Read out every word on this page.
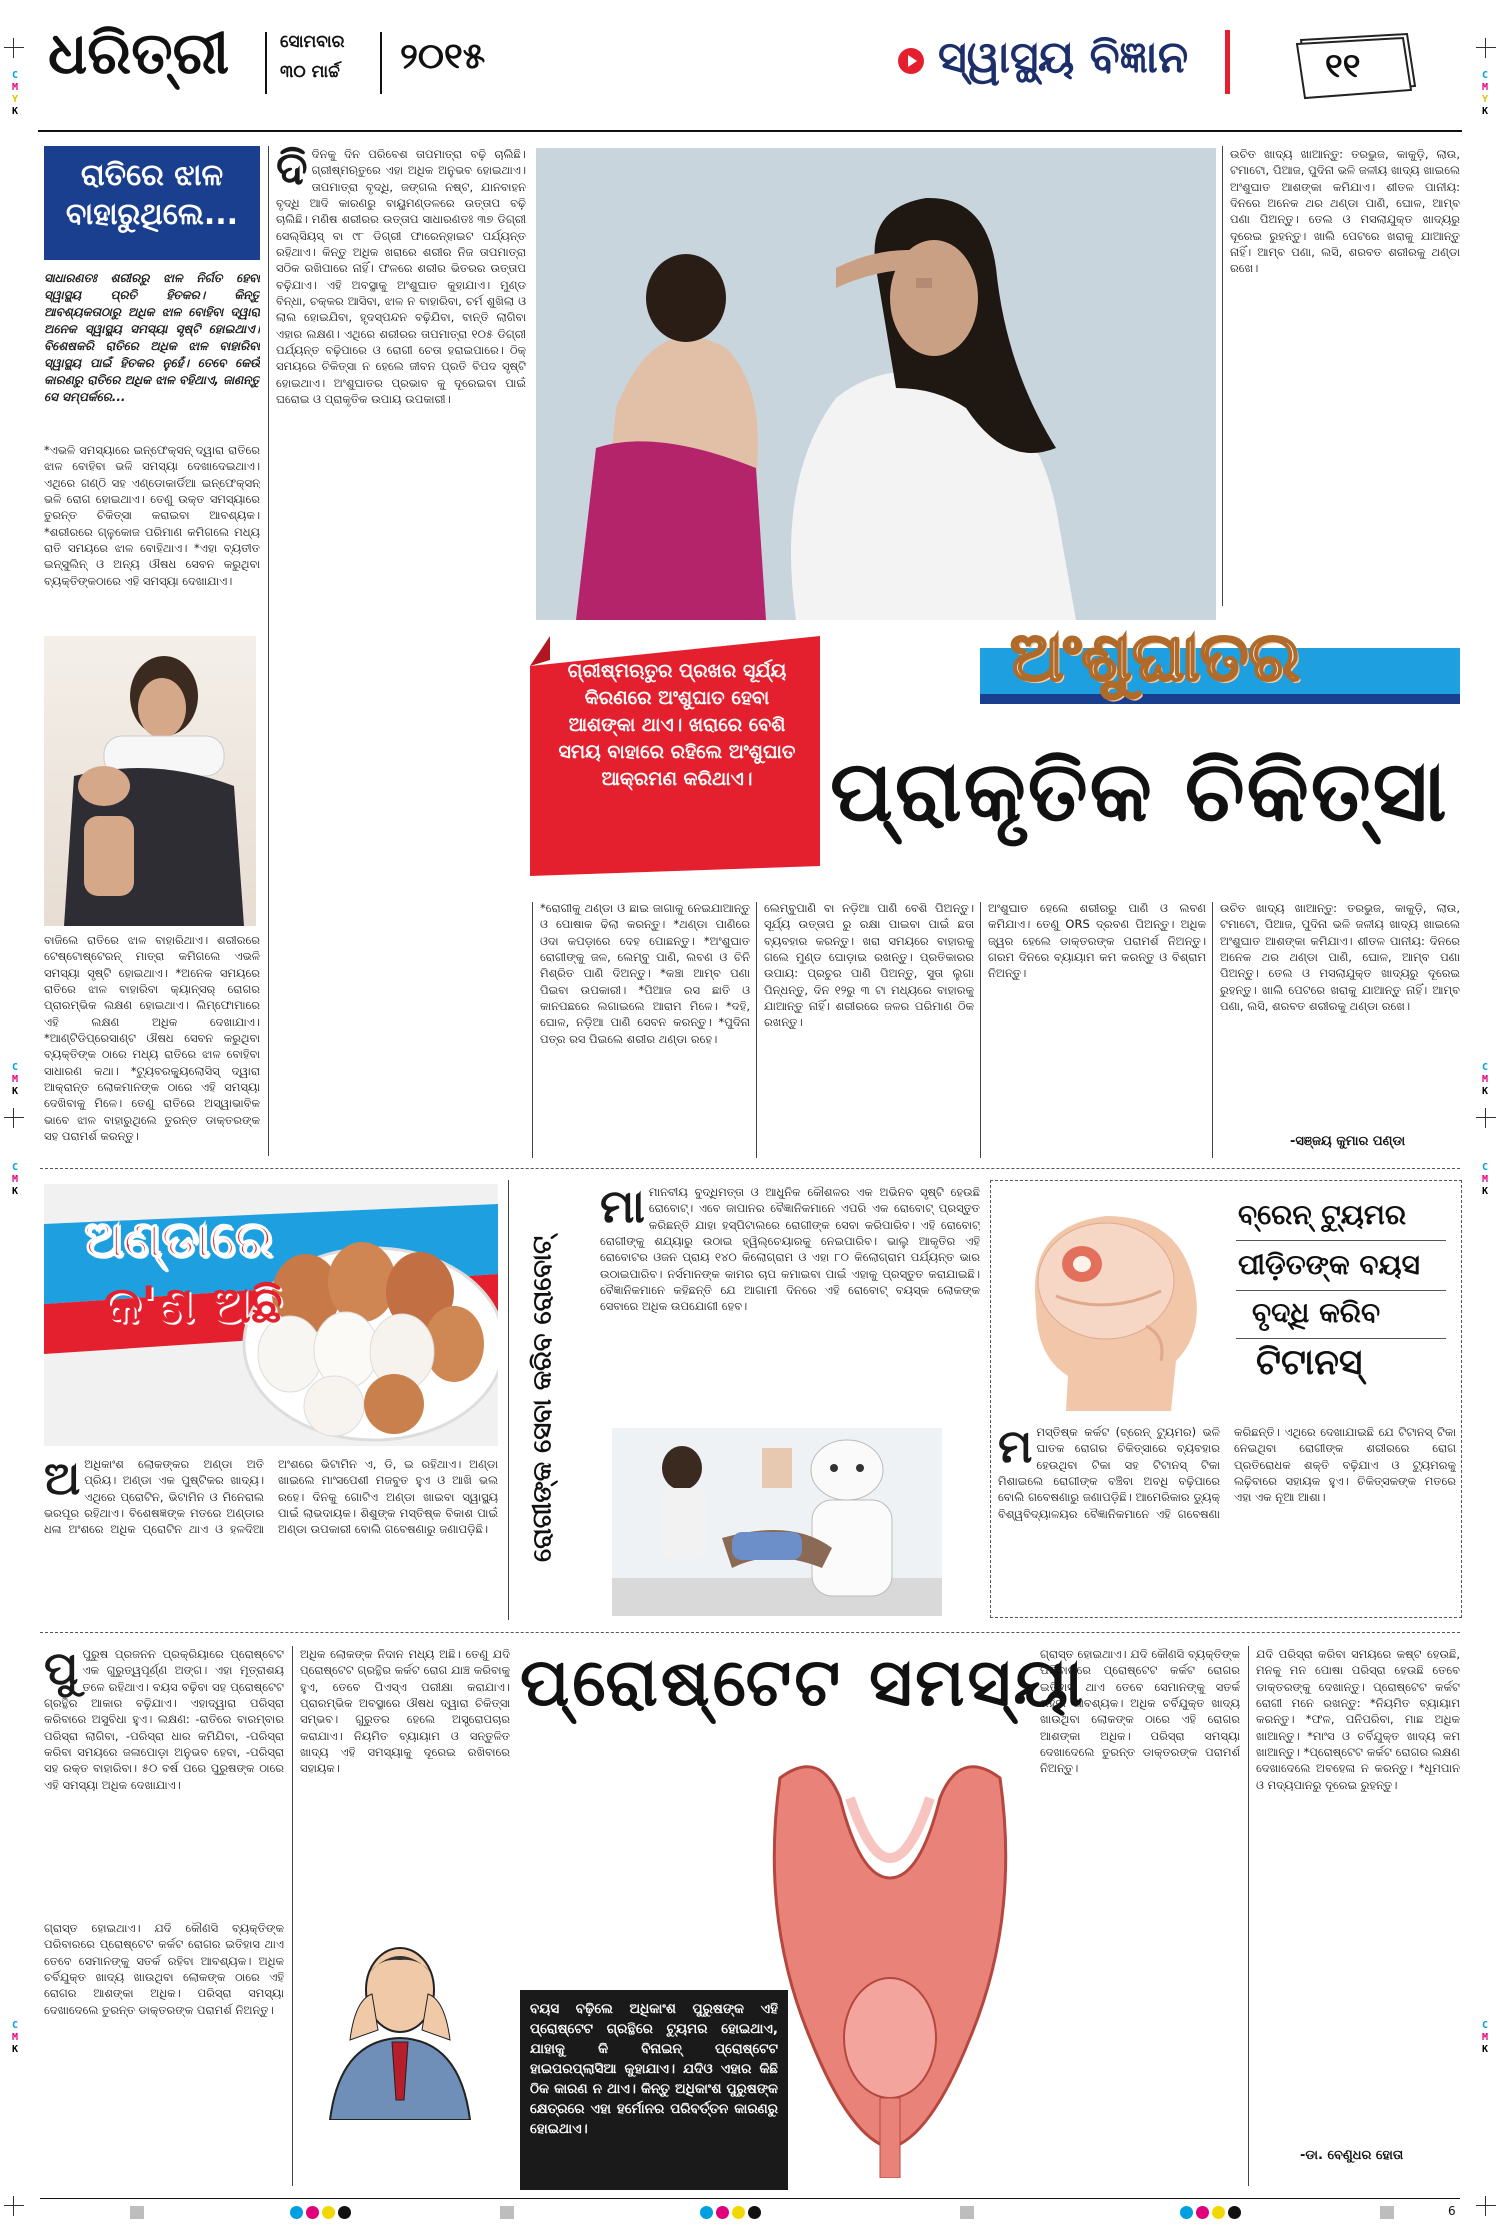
C
M
Y
K
C
M
Y
K
C
M
K
C
M
K
C
M
K
C
M
K
C
M
K
C
M
K
ଧରିତ୍ରୀ	ସୋମବାର
୩୦ ମାର୍ଚ୍ଚ ୨୦୧୫	ସ୍ୱାସ୍ଥ୍ୟ ବିଜ୍ଞାନ	୧୧
ରାତିରେ ଝାଳ
ବାହାରୁଥିଲେ...
ସାଧାରଣତଃ ଶରୀରରୁ ଝାଳ ନିର୍ଗତ ହେବା ସ୍ୱାସ୍ଥ୍ୟ ପ୍ରତି ହିତକର। କିନ୍ତୁ ଆବଶ୍ୟକତାଠାରୁ ଅଧିକ ଝାଳ ବୋହିବା ଦ୍ୱାରା ଅନେକ ସ୍ୱାସ୍ଥ୍ୟ ସମସ୍ୟା ସୃଷ୍ଟି ହୋଇଥାଏ। ବିଶେଷକରି ରାତିରେ ଅଧିକ ଝାଳ ବାହାରିବା ସ୍ୱାସ୍ଥ୍ୟ ପାଇଁ ହିତକର ନୁହେଁ। ତେବେ କେଉଁ କାରଣରୁ ରାତିରେ ଅଧିକ ଝାଳ ବହିଥାଏ, ଜାଣନ୍ତୁ ସେ ସମ୍ପର୍କରେ...
*ଏଭଳି ସମସ୍ୟାରେ ଇନ୍‌ଫେକ୍ସନ୍ ଦ୍ୱାରା ରାତିରେ ଝାଳ ବୋହିବା ଭଳି ସମସ୍ୟା ଦେଖାଦେଇଥାଏ। ଏଥିରେ ଗଣ୍ଠି ସହ ଏଣ୍ଡୋକାର୍ଡିଆ ଇନ୍‌ଫେକ୍ସନ୍ ଭଳି ରୋଗ ହୋଇଥାଏ। ତେଣୁ ଉକ୍ତ ସମସ୍ୟାରେ ତୁରନ୍ତ ଚିକିତ୍ସା କରାଇବା ଆବଶ୍ୟକ। *ଶରୀରରେ ଗ୍ଳୁକୋଜ ପରିମାଣ କମିଗଲେ ମଧ୍ୟ ରାତି ସମୟରେ ଝାଳ ବୋହିଥାଏ। *ଏହା ବ୍ୟତୀତ ଇନ୍‌ସୁଲିନ୍ ଓ ଅନ୍ୟ ଔଷଧ ସେବନ କରୁଥିବା ବ୍ୟକ୍ତିଙ୍କଠାରେ ଏହି ସମସ୍ୟା ଦେଖାଯାଏ।
ବାଜିଲେ ରାତିରେ ଝାଳ ବାହାରିଥାଏ। ଶରୀରରେ ଟେଷ୍ଟୋଷ୍ଟେରନ୍ ମାତ୍ରା କମିଗଲେ ଏଭଳି ସମସ୍ୟା ସୃଷ୍ଟି ହୋଇଥାଏ। *ଅନେକ ସମୟରେ ରାତିରେ ଝାଳ ବାହାରିବା କ୍ୟାନ୍‌ସର୍ ରୋଗର ପ୍ରାରମ୍ଭିକ ଲକ୍ଷଣ ହୋଇଥାଏ। ଲିମ୍ଫୋମାରେ ଏହି ଲକ୍ଷଣ ଅଧିକ ଦେଖାଯାଏ। *ଆଣ୍ଟିଡିପ୍ରେସାଣ୍ଟ ଔଷଧ ସେବନ କରୁଥିବା ବ୍ୟକ୍ତିଙ୍କ ଠାରେ ମଧ୍ୟ ରାତିରେ ଝାଳ ବୋହିବା ସାଧାରଣ କଥା। *ଟ୍ୟୁବରକ୍ୟୁଲୋସିସ୍ ଦ୍ୱାରା ଆକ୍ରାନ୍ତ ଲୋକମାନଙ୍କ ଠାରେ ଏହି ସମସ୍ୟା ଦେଖିବାକୁ ମିଳେ। ତେଣୁ ରାତିରେ ଅସ୍ୱାଭାବିକ ଭାବେ ଝାଳ ବାହାରୁଥିଲେ ତୁରନ୍ତ ଡାକ୍ତରଙ୍କ ସହ ପରାମର୍ଶ କରନ୍ତୁ।
ଦି ଦିନକୁ ଦିନ ପରିବେଶ ତାପମାତ୍ରା ବଢ଼ି ଚାଲିଛି। ଗ୍ରୀଷ୍ମଋତୁରେ ଏହା ଅଧିକ ଅନୁଭବ ହୋଇଥାଏ। ତାପମାତ୍ରା ବୃଦ୍ଧି, ଜଙ୍ଗଲ ନଷ୍ଟ, ଯାନବାହନ ବୃଦ୍ଧି ଆଦି କାରଣରୁ ବାୟୁମଣ୍ଡଳରେ ଉତ୍ତାପ ବଢ଼ି ଚାଲିଛି। ମଣିଷ ଶରୀରର ଉତ୍ତାପ ସାଧାରଣତଃ ୩୭ ଡିଗ୍ରୀ ସେଲ୍‌ସିୟସ୍ ବା ୯୮ ଡିଗ୍ରୀ ଫାରେନ୍‌ହାଇଟ ପର୍ଯ୍ୟନ୍ତ ରହିଥାଏ। କିନ୍ତୁ ଅଧିକ ଖରାରେ ଶରୀର ନିଜ ତାପମାତ୍ରା ସଠିକ ରଖିପାରେ ନାହିଁ। ଫଳରେ ଶରୀର ଭିତରର ଉତ୍ତାପ ବଢ଼ିଯାଏ। ଏହି ଅବସ୍ଥାକୁ ଅଂଶୁଘାତ କୁହାଯାଏ। ମୁଣ୍ଡ ବିନ୍ଧା, ଚକ୍କର ଆସିବା, ଝାଳ ନ ବାହାରିବା, ଚର୍ମ ଶୁଖିଲା ଓ ଲାଲ ହୋଇଯିବା, ହୃଦସ୍ପନ୍ଦନ ବଢ଼ିଯିବା, ବାନ୍ତି ଲାଗିବା ଏହାର ଲକ୍ଷଣ। ଏଥିରେ ଶରୀରର ତାପମାତ୍ରା ୧୦୫ ଡିଗ୍ରୀ ପର୍ଯ୍ୟନ୍ତ ବଢ଼ିପାରେ ଓ ରୋଗୀ ଚେତା ହରାଇପାରେ। ଠିକ୍ ସମୟରେ ଚିକିତ୍ସା ନ ହେଲେ ଜୀବନ ପ୍ରତି ବିପଦ ସୃଷ୍ଟି ହୋଇଥାଏ। ଅଂଶୁଘାତର ପ୍ରଭାବ କୁ ଦୂରେଇବା ପାଇଁ ଘରୋଇ ଓ ପ୍ରାକୃତିକ ଉପାୟ ଉପକାରୀ।
ଉଚିତ ଖାଦ୍ୟ ଖାଆନ୍ତୁ: ତରଭୁଜ, କାକୁଡ଼ି, ଲାଉ, ଟମାଟୋ, ପିଆଜ, ପୁଦିନା ଭଳି ଜଳୀୟ ଖାଦ୍ୟ ଖାଇଲେ ଅଂଶୁଘାତ ଆଶଙ୍କା କମିଯାଏ। ଶୀତଳ ପାନୀୟ: ଦିନରେ ଅନେକ ଥର ଥଣ୍ଡା ପାଣି, ଘୋଳ, ଆମ୍ବ ପଣା ପିଅନ୍ତୁ। ତେଲ ଓ ମସଲାଯୁକ୍ତ ଖାଦ୍ୟରୁ ଦୂରେଇ ରୁହନ୍ତୁ। ଖାଲି ପେଟରେ ଖରାକୁ ଯାଆନ୍ତୁ ନାହିଁ। ଆମ୍ବ ପଣା, ଲସି, ଶରବତ ଶରୀରକୁ ଥଣ୍ଡା ରଖେ।
ଅଂଶୁଘାତର
ପ୍ରାକୃତିକ ଚିକିତ୍ସା
ଗ୍ରୀଷ୍ମଋତୁର ପ୍ରଖର ସୂର୍ଯ୍ୟ କିରଣରେ ଅଂଶୁଘାତ ହେବା ଆଶଙ୍କା ଥାଏ। ଖରାରେ ବେଶି ସମୟ ବାହାରେ ରହିଲେ ଅଂଶୁଘାତ ଆକ୍ରମଣ କରିଥାଏ।
*ରୋଗୀକୁ ଥଣ୍ଡା ଓ ଛାଇ ଜାଗାକୁ ନେଇଯାଆନ୍ତୁ ଓ ପୋଷାକ ଢିଲା କରନ୍ତୁ। *ଥଣ୍ଡା ପାଣିରେ ଓଦା କପଡ଼ାରେ ଦେହ ପୋଛନ୍ତୁ। *ଅଂଶୁଘାତ ରୋଗୀଙ୍କୁ ଜଳ, ଲେମ୍ବୁ ପାଣି, ଲବଣ ଓ ଚିନି ମିଶ୍ରିତ ପାଣି ଦିଅନ୍ତୁ। *କଞ୍ଚା ଆମ୍ବ ପଣା ପିଇବା ଉପକାରୀ। *ପିଆଜ ରସ ଛାତି ଓ କାନପଛରେ ଲଗାଇଲେ ଆରାମ ମିଳେ। *ଦହି, ଘୋଳ, ନଡ଼ିଆ ପାଣି ସେବନ କରନ୍ତୁ। *ପୁଦିନା ପତ୍ର ରସ ପିଇଲେ ଶରୀର ଥଣ୍ଡା ରହେ।
ଲେମ୍ବୁପାଣି ବା ନଡ଼ିଆ ପାଣି ବେଶି ପିଅନ୍ତୁ। ସୂର୍ଯ୍ୟ ଉତ୍ତାପ ରୁ ରକ୍ଷା ପାଇବା ପାଇଁ ଛତା ବ୍ୟବହାର କରନ୍ତୁ। ଖରା ସମୟରେ ବାହାରକୁ ଗଲେ ମୁଣ୍ଡ ଘୋଡ଼ାଇ ରଖନ୍ତୁ। ପ୍ରତିକାରର ଉପାୟ: ପ୍ରଚୁର ପାଣି ପିଅନ୍ତୁ, ସୁତା ଲୁଗା ପିନ୍ଧନ୍ତୁ, ଦିନ ୧୨ରୁ ୩ ଟା ମଧ୍ୟରେ ବାହାରକୁ ଯାଆନ୍ତୁ ନାହିଁ। ଶରୀରରେ ଜଳର ପରିମାଣ ଠିକ ରଖନ୍ତୁ।
ଅଂଶୁଘାତ ହେଲେ ଶରୀରରୁ ପାଣି ଓ ଲବଣ କମିଯାଏ। ତେଣୁ ORS ଦ୍ରବଣ ପିଅନ୍ତୁ। ଅଧିକ ଜ୍ୱର ହେଲେ ଡାକ୍ତରଙ୍କ ପରାମର୍ଶ ନିଅନ୍ତୁ। ଗରମ ଦିନରେ ବ୍ୟାୟାମ କମ କରନ୍ତୁ ଓ ବିଶ୍ରାମ ନିଅନ୍ତୁ।
ଉଚିତ ଖାଦ୍ୟ ଖାଆନ୍ତୁ: ତରଭୁଜ, କାକୁଡ଼ି, ଲାଉ, ଟମାଟୋ, ପିଆଜ, ପୁଦିନା ଭଳି ଜଳୀୟ ଖାଦ୍ୟ ଖାଇଲେ ଅଂଶୁଘାତ ଆଶଙ୍କା କମିଯାଏ। ଶୀତଳ ପାନୀୟ: ଦିନରେ ଅନେକ ଥର ଥଣ୍ଡା ପାଣି, ଘୋଳ, ଆମ୍ବ ପଣା ପିଅନ୍ତୁ। ତେଲ ଓ ମସଲାଯୁକ୍ତ ଖାଦ୍ୟରୁ ଦୂରେଇ ରୁହନ୍ତୁ। ଖାଲି ପେଟରେ ଖରାକୁ ଯାଆନ୍ତୁ ନାହିଁ। ଆମ୍ବ ପଣା, ଲସି, ଶରବତ ଶରୀରକୁ ଥଣ୍ଡା ରଖେ।
-ସଞ୍ଜୟ କୁମାର ପଣ୍ଡା
ଅଣ୍ଡାରେ
କ'ଣ ଅଛି
ଅ ଅଧିକାଂଶ ଲୋକଙ୍କର ଅଣ୍ଡା ଅତି ପ୍ରିୟ। ଅଣ୍ଡା ଏକ ପୁଷ୍ଟିକର ଖାଦ୍ୟ। ଏଥିରେ ପ୍ରୋଟିନ, ଭିଟାମିନ ଓ ମିନେରାଲ ଭରପୂର ରହିଥାଏ। ବିଶେଷଜ୍ଞଙ୍କ ମତରେ ଅଣ୍ଡାର ଧଳା ଅଂଶରେ ଅଧିକ ପ୍ରୋଟିନ ଥାଏ ଓ ହଳଦିଆ ଅଂଶରେ ଭିଟାମିନ ଏ, ଡି, ଇ ରହିଥାଏ। ଅଣ୍ଡା ଖାଇଲେ ମାଂସପେଶୀ ମଜବୁତ ହୁଏ ଓ ଆଖି ଭଲ ରହେ। ଦିନକୁ ଗୋଟିଏ ଅଣ୍ଡା ଖାଇବା ସ୍ୱାସ୍ଥ୍ୟ ପାଇଁ ଲାଭଦାୟକ। ଶିଶୁଙ୍କ ମସ୍ତିଷ୍କ ବିକାଶ ପାଇଁ ଅଣ୍ଡା ଉପକାରୀ ବୋଲି ଗବେଷଣାରୁ ଜଣାପଡ଼ିଛି।	ରୋଗୀଙ୍କ ସେବା କରିବ ରୋବୋଟ୍
ମା ମାନବୀୟ ବୁଦ୍ଧିମତ୍ତା ଓ ଆଧୁନିକ କୌଶଳର ଏକ ଅଭିନବ ସୃଷ୍ଟି ହେଉଛି ରୋବୋଟ୍। ଏବେ ଜାପାନର ବୈଜ୍ଞାନିକମାନେ ଏପରି ଏକ ରୋବୋଟ୍ ପ୍ରସ୍ତୁତ କରିଛନ୍ତି ଯାହା ହସ୍ପିଟାଲରେ ରୋଗୀଙ୍କ ସେବା କରିପାରିବ। ଏହି ରୋବୋଟ୍ ରୋଗୀଙ୍କୁ ଶଯ୍ୟାରୁ ଉଠାଇ ହ୍ୱିଲ୍‌ଚେୟାରକୁ ନେଇପାରିବ। ଭାଲୁ ଆକୃତିର ଏହି ରୋବୋଟର ଓଜନ ପ୍ରାୟ ୧୪୦ କିଲୋଗ୍ରାମ ଓ ଏହା ୮୦ କିଲୋଗ୍ରାମ ପର୍ଯ୍ୟନ୍ତ ଭାର ଉଠାଇପାରିବ। ନର୍ସମାନଙ୍କ କାମର ଚାପ କମାଇବା ପାଇଁ ଏହାକୁ ପ୍ରସ୍ତୁତ କରାଯାଇଛି। ବୈଜ୍ଞାନିକମାନେ କହିଛନ୍ତି ଯେ ଆଗାମୀ ଦିନରେ ଏହି ରୋବୋଟ୍ ବୟସ୍କ ଲୋକଙ୍କ ସେବାରେ ଅଧିକ ଉପଯୋଗୀ ହେବ।
ବ୍ରେନ୍ ଟ୍ୟୁମର
ପୀଡ଼ିତଙ୍କ ବୟସ
ବୃଦ୍ଧି କରିବ
ଟିଟାନସ୍
ମ ମସ୍ତିଷ୍କ କର୍କଟ (ବ୍ରେନ୍ ଟ୍ୟୁମର) ଭଳି ଘାତକ ରୋଗର ଚିକିତ୍ସାରେ ବ୍ୟବହାର ହେଉଥିବା ଟିକା ସହ ଟିଟାନସ୍ ଟିକା ମିଶାଇଲେ ରୋଗୀଙ୍କ ବଞ୍ଚିବା ଅବଧି ବଢ଼ିପାରେ ବୋଲି ଗବେଷଣାରୁ ଜଣାପଡ଼ିଛି। ଆମେରିକାର ଡ୍ୟୁକ୍ ବିଶ୍ୱବିଦ୍ୟାଳୟର ବୈଜ୍ଞାନିକମାନେ ଏହି ଗବେଷଣା କରିଛନ୍ତି। ଏଥିରେ ଦେଖାଯାଇଛି ଯେ ଟିଟାନସ୍ ଟିକା ନେଇଥିବା ରୋଗୀଙ୍କ ଶରୀରରେ ରୋଗ ପ୍ରତିରୋଧକ ଶକ୍ତି ବଢ଼ିଯାଏ ଓ ଟ୍ୟୁମରକୁ ଲଢ଼ିବାରେ ସହାୟକ ହୁଏ। ଚିକିତ୍ସକଙ୍କ ମତରେ ଏହା ଏକ ନୂଆ ଆଶା।
ପୁ ପୁରୁଷ ପ୍ରଜନନ ପ୍ରକ୍ରିୟାରେ ପ୍ରୋଷ୍ଟେଟ ଏକ ଗୁରୁତ୍ୱପୂର୍ଣ୍ଣ ଅଙ୍ଗ। ଏହା ମୂତ୍ରାଶୟ ତଳେ ରହିଥାଏ। ବୟସ ବଢ଼ିବା ସହ ପ୍ରୋଷ୍ଟେଟ ଗ୍ରନ୍ଥିର ଆକାର ବଢ଼ିଯାଏ। ଏହାଦ୍ୱାରା ପରିସ୍ରା କରିବାରେ ଅସୁବିଧା ହୁଏ। ଲକ୍ଷଣ: -ରାତିରେ ବାରମ୍ବାର ପରିସ୍ରା ଲାଗିବା, -ପରିସ୍ରା ଧାର କମିଯିବା, -ପରିସ୍ରା କରିବା ସମୟରେ ଜଳାପୋଡ଼ା ଅନୁଭବ ହେବା, -ପରିସ୍ରା ସହ ରକ୍ତ ବାହାରିବା। ୫୦ ବର୍ଷ ପରେ ପୁରୁଷଙ୍କ ଠାରେ ଏହି ସମସ୍ୟା ଅଧିକ ଦେଖାଯାଏ।
ଅଧିକ ଲୋକଙ୍କ ନିଦାନ ମଧ୍ୟ ଅଛି। ତେଣୁ ଯଦି ପ୍ରୋଷ୍ଟେଟ ଗ୍ରନ୍ଥିର କର୍କଟ ରୋଗ ଯାଞ୍ଚ କରିବାକୁ ହୁଏ, ତେବେ ପିଏସ୍‌ଏ ପରୀକ୍ଷା କରାଯାଏ। ପ୍ରାରମ୍ଭିକ ଅବସ୍ଥାରେ ଔଷଧ ଦ୍ୱାରା ଚିକିତ୍ସା ସମ୍ଭବ। ଗୁରୁତର ହେଲେ ଅସ୍ତ୍ରୋପଚାର କରାଯାଏ। ନିୟମିତ ବ୍ୟାୟାମ ଓ ସନ୍ତୁଳିତ ଖାଦ୍ୟ ଏହି ସମସ୍ୟାକୁ ଦୂରେଇ ରଖିବାରେ ସହାୟକ।
ଗ୍ରାସ୍ତ ହୋଇଥାଏ। ଯଦି କୌଣସି ବ୍ୟକ୍ତିଙ୍କ ପରିବାରରେ ପ୍ରୋଷ୍ଟେଟ କର୍କଟ ରୋଗର ଇତିହାସ ଥାଏ ତେବେ ସେମାନଙ୍କୁ ସତର୍କ ରହିବା ଆବଶ୍ୟକ। ଅଧିକ ଚର୍ବିଯୁକ୍ତ ଖାଦ୍ୟ ଖାଉଥିବା ଲୋକଙ୍କ ଠାରେ ଏହି ରୋଗର ଆଶଙ୍କା ଅଧିକ। ପରିସ୍ରା ସମସ୍ୟା ଦେଖାଦେଲେ ତୁରନ୍ତ ଡାକ୍ତରଙ୍କ ପରାମର୍ଶ ନିଅନ୍ତୁ।
ପ୍ରୋଷ୍ଟେଟ ସମସ୍ୟା
ବୟସ ବଢ଼ିଲେ ଅଧିକାଂଶ ପୁରୁଷଙ୍କ ଏହି ପ୍ରୋଷ୍ଟେଟ ଗ୍ରନ୍ଥିରେ ଟ୍ୟୁମର ହୋଇଥାଏ, ଯାହାକୁ କି ବିନାଇନ୍ ପ୍ରୋଷ୍ଟେଟ ହାଇପରପ୍ଲାସିଆ କୁହାଯାଏ। ଯଦିଓ ଏହାର କିଛି ଠିକ କାରଣ ନ ଥାଏ। କିନ୍ତୁ ଅଧିକାଂଶ ପୁରୁଷଙ୍କ କ୍ଷେତ୍ରରେ ଏହା ହର୍ମୋନର ପରିବର୍ତ୍ତନ କାରଣରୁ ହୋଇଥାଏ।
ଗ୍ରାସ୍ତ ହୋଇଥାଏ। ଯଦି କୌଣସି ବ୍ୟକ୍ତିଙ୍କ ପରିବାରରେ ପ୍ରୋଷ୍ଟେଟ କର୍କଟ ରୋଗର ଇତିହାସ ଥାଏ ତେବେ ସେମାନଙ୍କୁ ସତର୍କ ରହିବା ଆବଶ୍ୟକ। ଅଧିକ ଚର୍ବିଯୁକ୍ତ ଖାଦ୍ୟ ଖାଉଥିବା ଲୋକଙ୍କ ଠାରେ ଏହି ରୋଗର ଆଶଙ୍କା ଅଧିକ। ପରିସ୍ରା ସମସ୍ୟା ଦେଖାଦେଲେ ତୁରନ୍ତ ଡାକ୍ତରଙ୍କ ପରାମର୍ଶ ନିଅନ୍ତୁ।
ଯଦି ପରିସ୍ରା କରିବା ସମୟରେ କଷ୍ଟ ହେଉଛି, ମନକୁ ମନ ପୋଷା ପରିସ୍ରା ହେଉଛି ତେବେ ଡାକ୍ତରଙ୍କୁ ଦେଖାନ୍ତୁ। ପ୍ରୋଷ୍ଟେଟ କର୍କଟ ରୋଗୀ ମନେ ରଖନ୍ତୁ: *ନିୟମିତ ବ୍ୟାୟାମ କରନ୍ତୁ। *ଫଳ, ପନିପରିବା, ମାଛ ଅଧିକ ଖାଆନ୍ତୁ। *ମାଂସ ଓ ଚର୍ବିଯୁକ୍ତ ଖାଦ୍ୟ କମ ଖାଆନ୍ତୁ। *ପ୍ରୋଷ୍ଟେଟ କର୍କଟ ରୋଗର ଲକ୍ଷଣ ଦେଖାଦେଲେ ଅବହେଳା ନ କରନ୍ତୁ। *ଧୂମପାନ ଓ ମଦ୍ୟପାନରୁ ଦୂରେଇ ରୁହନ୍ତୁ।
-ଡା. ବେଣୁଧର ହୋତା
6
